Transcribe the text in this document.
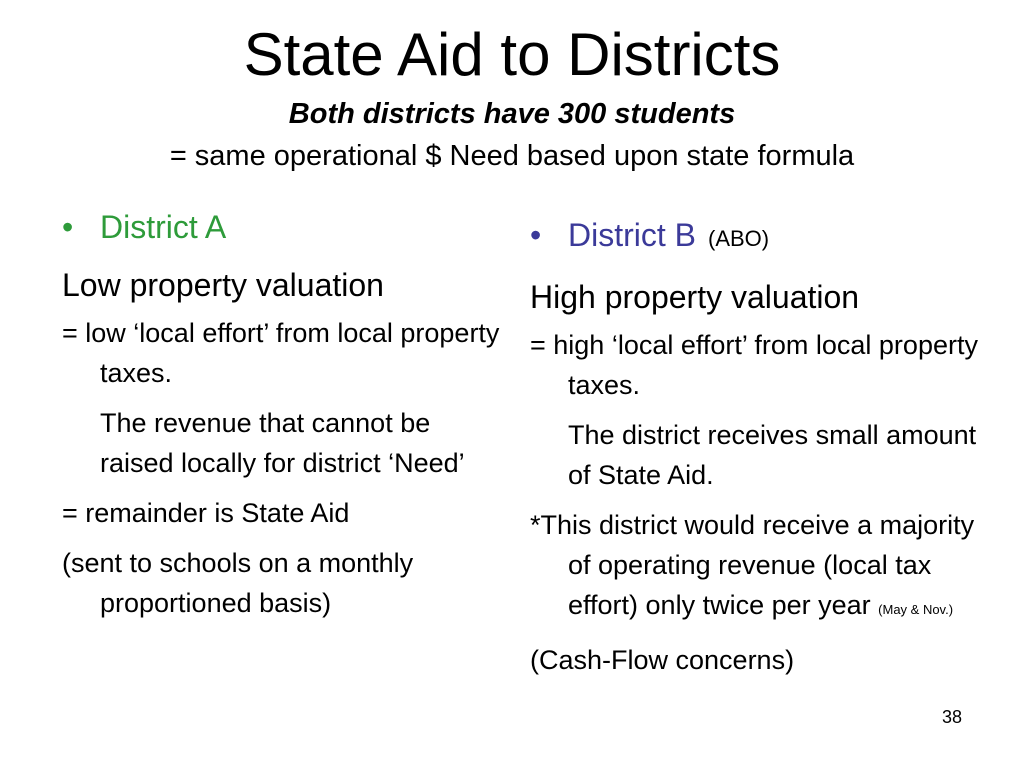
State Aid to Districts
Both districts have 300 students
= same operational $ Need based upon state formula
• District A
Low property valuation
= low ‘local effort’ from local property taxes.
The revenue that cannot be raised locally for district ‘Need’
= remainder is State Aid
(sent to schools on a monthly proportioned basis)
• District B (ABO)
High property valuation
= high ‘local effort’ from local property taxes.
The district receives small amount of State Aid.
*This district would receive a majority of operating revenue (local tax effort) only twice per year (May & Nov.)
(Cash-Flow concerns)
38
